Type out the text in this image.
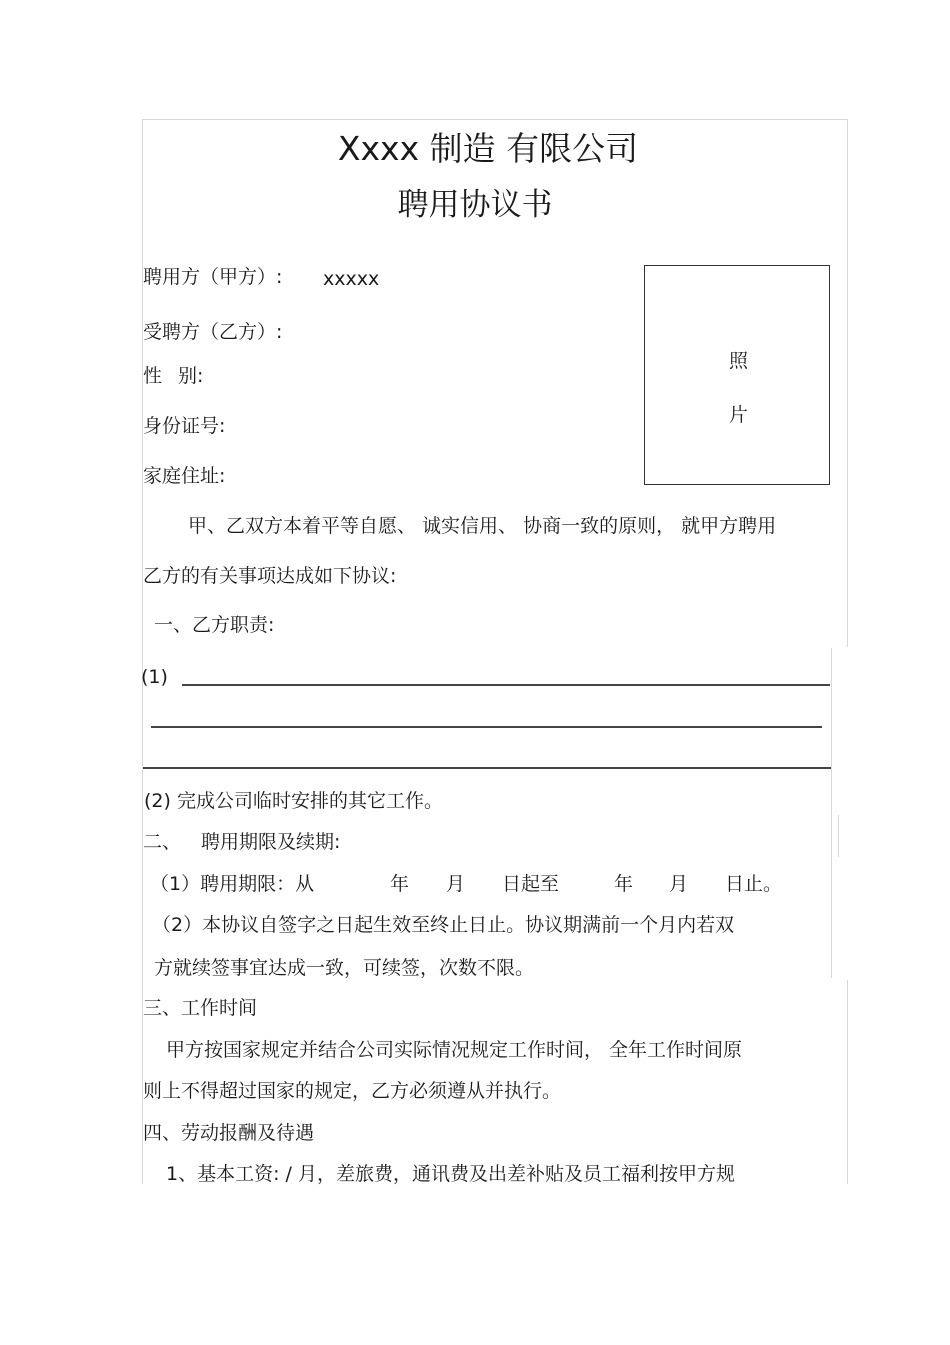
Xxxx 制造 有限公司
聘用协议书
聘用方（甲方）: xxxxx
受聘方（乙方）:
性 别:
身份证号:
家庭住址:
照
片
甲、乙双方本着平等自愿、 诚实信用、 协商一致的原则， 就甲方聘用
乙方的有关事项达成如下协议:
一、乙方职责:
(1)
(2) 完成公司临时安排的其它工作。
二、 聘用期限及续期:
（1）聘用期限：从	年 月 日起至	年 月 日止。
（2）本协议自签字之日起生效至终止日止。协议期满前一个月内若双
方就续签事宜达成一致，可续签，次数不限。
三、工作时间
甲方按国家规定并结合公司实际情况规定工作时间， 全年工作时间原
则上不得超过国家的规定，乙方必须遵从并执行。
四、劳动报酬及待遇
1、基本工资: / 月，差旅费，通讯费及出差补贴及员工福利按甲方规
